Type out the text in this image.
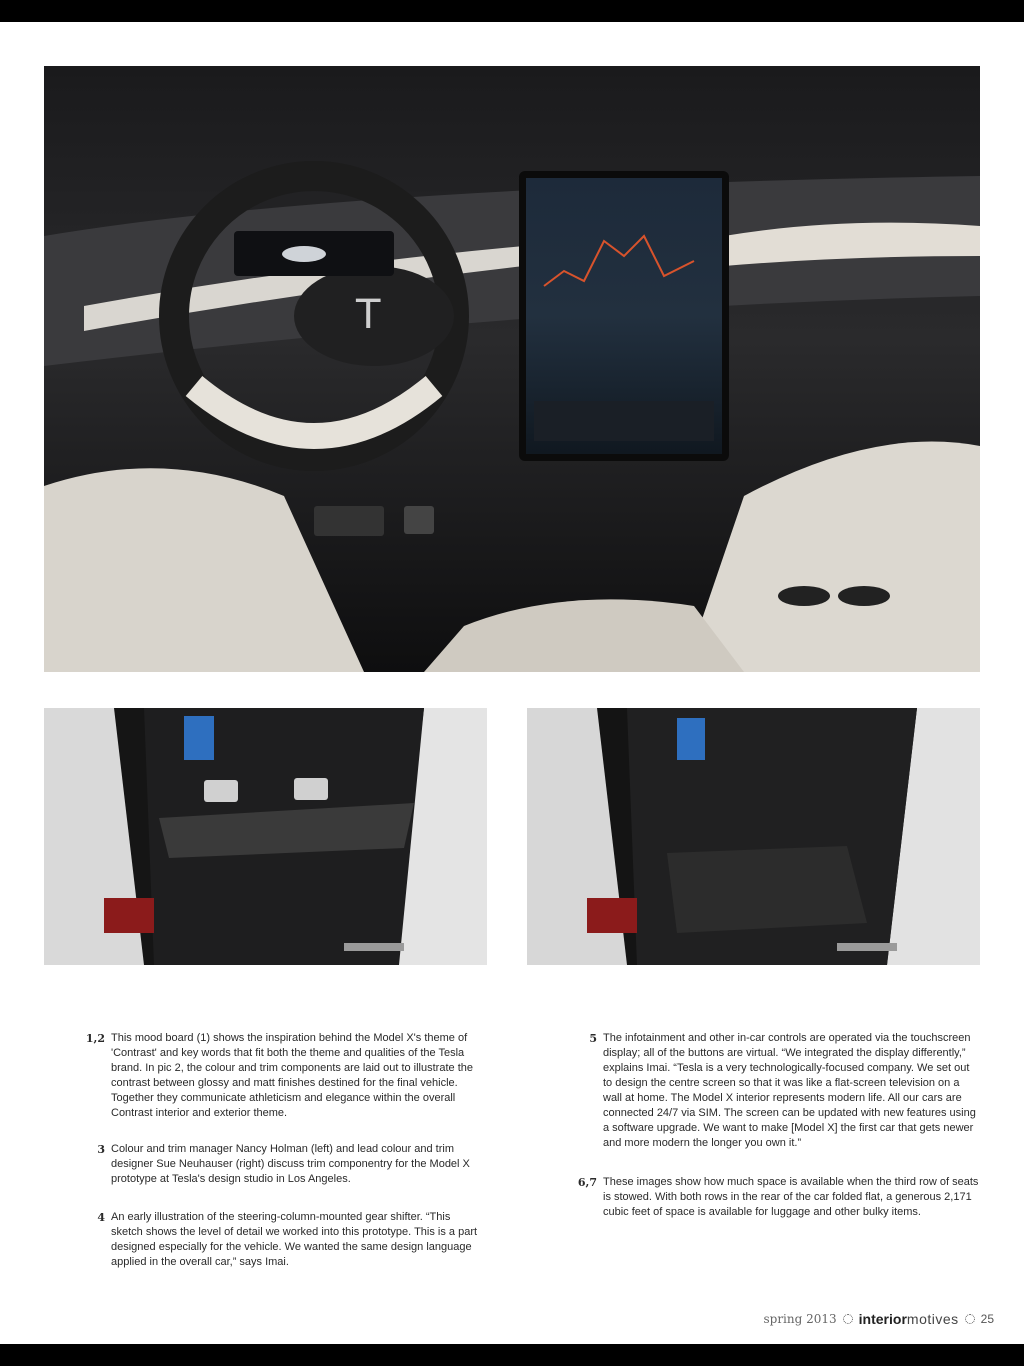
T
1,2 This mood board (1) shows the inspiration behind the Model X's theme of 'Contrast' and key words that fit both the theme and qualities of the Tesla brand. In pic 2, the colour and trim components are laid out to illustrate the contrast between glossy and matt finishes destined for the final vehicle. Together they communicate athleticism and elegance within the overall Contrast interior and exterior theme.
3 Colour and trim manager Nancy Holman (left) and lead colour and trim designer Sue Neuhauser (right) discuss trim componentry for the Model X prototype at Tesla's design studio in Los Angeles.
4 An early illustration of the steering-column-mounted gear shifter. “This sketch shows the level of detail we worked into this prototype. This is a part designed especially for the vehicle. We wanted the same design language applied in the overall car,” says Imai.
5 The infotainment and other in-car controls are operated via the touchscreen display; all of the buttons are virtual. “We integrated the display differently,” explains Imai. “Tesla is a very technologically-focused company. We set out to design the centre screen so that it was like a flat-screen television on a wall at home. The Model X interior represents modern life. All our cars are connected 24/7 via SIM. The screen can be updated with new features using a software upgrade. We want to make [Model X] the first car that gets newer and more modern the longer you own it.”
6,7 These images show how much space is available when the third row of seats is stowed. With both rows in the rear of the car folded flat, a generous 2,171 cubic feet of space is available for luggage and other bulky items.
spring 2013 interior motives 25
